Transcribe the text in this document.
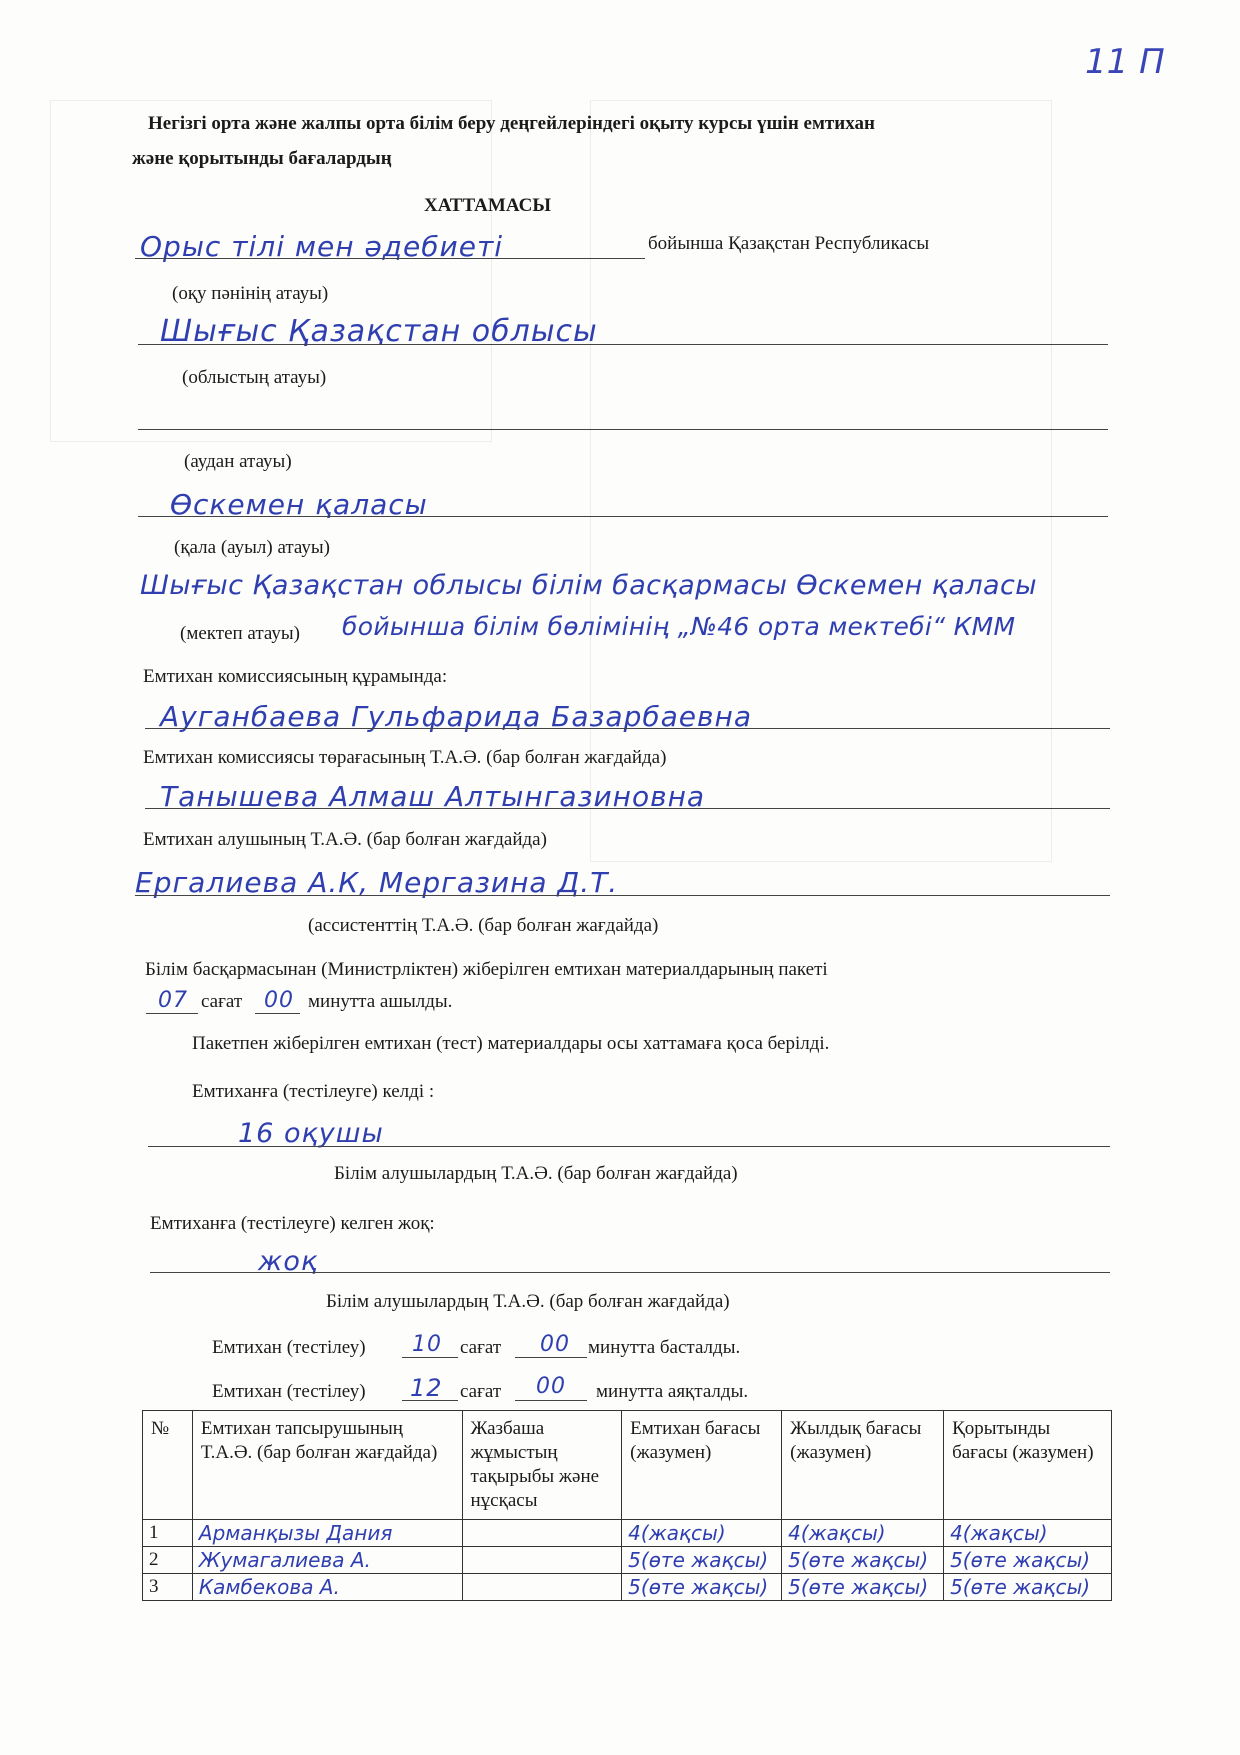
11 П
Негізгі орта және жалпы орта білім беру деңгейлеріндегі оқыту курсы үшін емтихан
және қорытынды бағалардың
ХАТТАМАСЫ
Орыс тілі мен әдебиеті	бойынша Қазақстан Республикасы
(оқу пәнінің атауы)
Шығыс Қазақстан облысы
(облыстың атауы)
(аудан атауы)
Өскемен қаласы
(қала (ауыл) атауы)
Шығыс Қазақстан облысы білім басқармасы Өскемен қаласы
(мектеп атауы) бойынша білім бөлімінің „№46 орта мектебі“ КММ
Емтихан комиссиясының құрамында:
Ауганбаева Гульфарида Базарбаевна
Емтихан комиссиясы төрағасының Т.А.Ә. (бар болған жағдайда)
Танышева Алмаш Алтынгазиновна
Емтихан алушының Т.А.Ә. (бар болған жағдайда)
Ергалиева А.К, Мергазина Д.Т.
(ассистенттің Т.А.Ә. (бар болған жағдайда)
Білім басқармасынан (Министрліктен) жіберілген емтихан материалдарының пакеті
07 сағат 00 минутта ашылды.
Пакетпен жіберілген емтихан (тест) материалдары осы хаттамаға қоса берілді.
Емтиханға (тестілеуге) келді :
16 оқушы
Білім алушылардың Т.А.Ә. (бар болған жағдайда)
Емтиханға (тестілеуге) келген жоқ:
жоқ
Білім алушылардың Т.А.Ә. (бар болған жағдайда)
Емтихан (тестілеу) 10 сағат 00 минутта басталды.
Емтихан (тестілеу) 12 сағат 00 минутта аяқталды.
№	Емтихан тапсырушының Т.А.Ә. (бар болған жағдайда)	Жазбаша жұмыстың тақырыбы және нұсқасы	Емтихан бағасы (жазумен)	Жылдық бағасы (жазумен)	Қорытынды бағасы (жазумен)
1	Арманқызы Дания		4(жақсы)	4(жақсы)	4(жақсы)
2	Жумагалиева А.		5(өте жақсы)	5(өте жақсы)	5(өте жақсы)
3	Камбекова А.		5(өте жақсы)	5(өте жақсы)	5(өте жақсы)
